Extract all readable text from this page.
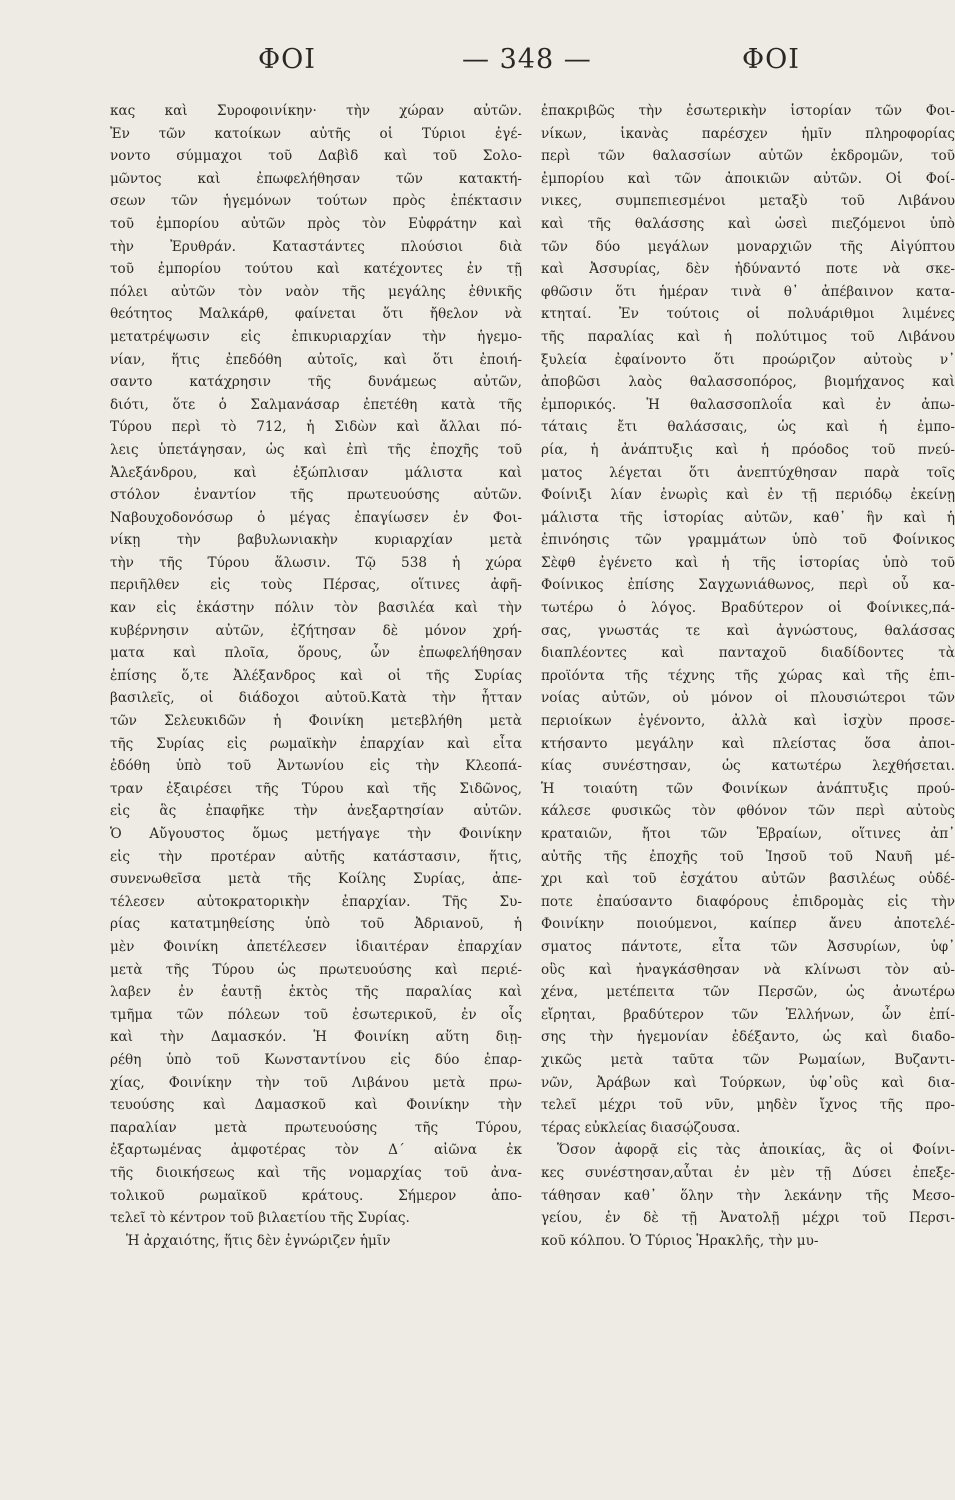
ΦΟΙ	— 348 —	ΦΟΙ
κας καὶ Συροφοινίκην· τὴν χώραν αὐτῶν.
Ἐν τῶν κατοίκων αὐτῆς οἱ Τύριοι ἐγέ-
νοντο σύμμαχοι τοῦ Δαβὶδ καὶ τοῦ Σολο-
μῶντος καὶ ἐπωφελήθησαν τῶν κατακτή-
σεων τῶν ἡγεμόνων τούτων πρὸς ἐπέκτασιν
τοῦ ἐμπορίου αὐτῶν πρὸς τὸν Εὐφράτην καὶ
τὴν Ἐρυθράν. Καταστάντες πλούσιοι διὰ
τοῦ ἐμπορίου τούτου καὶ κατέχοντες ἐν τῇ
πόλει αὐτῶν τὸν ναὸν τῆς μεγάλης ἐθνικῆς
θεότητος Μαλκάρθ, φαίνεται ὅτι ἤθελον νὰ
μετατρέψωσιν εἰς ἐπικυριαρχίαν τὴν ἡγεμο-
νίαν, ἥτις ἐπεδόθη αὐτοῖς, καὶ ὅτι ἐποιή-
σαντο κατάχρησιν τῆς δυνάμεως αὐτῶν,
διότι, ὅτε ὁ Σαλμανάσαρ ἐπετέθη κατὰ τῆς
Τύρου περὶ τὸ 712, ἡ Σιδὼν καὶ ἄλλαι πό-
λεις ὑπετάγησαν, ὡς καὶ ἐπὶ τῆς ἐποχῆς τοῦ
Ἀλεξάνδρου, καὶ ἐξώπλισαν μάλιστα καὶ
στόλον ἐναντίον τῆς πρωτευούσης αὐτῶν.
Ναβουχοδονόσωρ ὁ μέγας ἐπαγίωσεν ἐν Φοι-
νίκῃ τὴν βαβυλωνιακὴν κυριαρχίαν μετὰ
τὴν τῆς Τύρου ἅλωσιν. Τῷ 538 ἡ χώρα
περιῆλθεν εἰς τοὺς Πέρσας, οἵτινες ἀφῆ-
καν εἰς ἑκάστην πόλιν τὸν βασιλέα καὶ τὴν
κυβέρνησιν αὐτῶν, ἐζήτησαν δὲ μόνον χρή-
ματα καὶ πλοῖα, ὅρους, ὧν ἐπωφελήθησαν
ἐπίσης ὅ,τε Ἀλέξανδρος καὶ οἱ τῆς Συρίας
βασιλεῖς, οἱ διάδοχοι αὐτοῦ.Κατὰ τὴν ἧτταν
τῶν Σελευκιδῶν ἡ Φοινίκη μετεβλήθη μετὰ
τῆς Συρίας εἰς ρωμαϊκὴν ἐπαρχίαν καὶ εἶτα
ἐδόθη ὑπὸ τοῦ Ἀντωνίου εἰς τὴν Κλεοπά-
τραν ἐξαιρέσει τῆς Τύρου καὶ τῆς Σιδῶνος,
εἰς ἃς ἐπαφῆκε τὴν ἀνεξαρτησίαν αὐτῶν.
Ὁ Αὔγουστος ὅμως μετήγαγε τὴν Φοινίκην
εἰς τὴν προτέραν αὐτῆς κατάστασιν, ἥτις,
συνενωθεῖσα μετὰ τῆς Κοίλης Συρίας, ἀπε-
τέλεσεν αὐτοκρατορικὴν ἐπαρχίαν. Τῆς Συ-
ρίας κατατμηθείσης ὑπὸ τοῦ Ἀδριανοῦ, ἡ
μὲν Φοινίκη ἀπετέλεσεν ἰδιαιτέραν ἐπαρχίαν
μετὰ τῆς Τύρου ὡς πρωτευούσης καὶ περιέ-
λαβεν ἐν ἑαυτῇ ἐκτὸς τῆς παραλίας καὶ
τμῆμα τῶν πόλεων τοῦ ἐσωτερικοῦ, ἐν οἷς
καὶ τὴν Δαμασκόν. Ἡ Φοινίκη αὕτη διῃ-
ρέθη ὑπὸ τοῦ Κωνσταντίνου εἰς δύο ἐπαρ-
χίας, Φοινίκην τὴν τοῦ Λιβάνου μετὰ πρω-
τευούσης καὶ Δαμασκοῦ καὶ Φοινίκην τὴν
παραλίαν μετὰ πρωτευούσης τῆς Τύρου,
ἐξαρτωμένας ἀμφοτέρας τὸν Δ´ αἰῶνα ἐκ
τῆς διοικήσεως καὶ τῆς νομαρχίας τοῦ ἀνα-
τολικοῦ ρωμαϊκοῦ κράτους. Σήμερον ἀπο-
τελεῖ τὸ κέντρον τοῦ βιλαετίου τῆς Συρίας.
Ἡ ἀρχαιότης, ἥτις δὲν ἐγνώριζεν ἡμῖν
ἐπακριβῶς τὴν ἐσωτερικὴν ἱστορίαν τῶν Φοι-
νίκων, ἱκανὰς παρέσχεν ἡμῖν πληροφορίας
περὶ τῶν θαλασσίων αὐτῶν ἐκδρομῶν, τοῦ
ἐμπορίου καὶ τῶν ἀποικιῶν αὐτῶν. Οἱ Φοί-
νικες, συμπεπιεσμένοι μεταξὺ τοῦ Λιβάνου
καὶ τῆς θαλάσσης καὶ ὡσεὶ πιεζόμενοι ὑπὸ
τῶν δύο μεγάλων μοναρχιῶν τῆς Αἰγύπτου
καὶ Ἀσσυρίας, δὲν ἠδύναντό ποτε νὰ σκε-
φθῶσιν ὅτι ἡμέραν τινὰ θ᾽ ἀπέβαινον κατα-
κτηταί. Ἐν τούτοις οἱ πολυάριθμοι λιμένες
τῆς παραλίας καὶ ἡ πολύτιμος τοῦ Λιβάνου
ξυλεία ἐφαίνοντο ὅτι προώριζον αὐτοὺς ν᾽
ἀποβῶσι λαὸς θαλασσοπόρος, βιομήχανος καὶ
ἐμπορικός. Ἡ θαλασσοπλοΐα καὶ ἐν ἀπω-
τάταις ἔτι θαλάσσαις, ὡς καὶ ἡ ἐμπο-
ρία, ἡ ἀνάπτυξις καὶ ἡ πρόοδος τοῦ πνεύ-
ματος λέγεται ὅτι ἀνεπτύχθησαν παρὰ τοῖς
Φοίνιξι λίαν ἐνωρὶς καὶ ἐν τῇ περιόδῳ ἐκείνῃ
μάλιστα τῆς ἱστορίας αὐτῶν, καθ᾽ ἣν καὶ ἡ
ἐπινόησις τῶν γραμμάτων ὑπὸ τοῦ Φοίνικος
Σὲφθ ἐγένετο καὶ ἡ τῆς ἱστορίας ὑπὸ τοῦ
Φοίνικος ἐπίσης Σαγχωνιάθωνος, περὶ οὗ κα-
τωτέρω ὁ λόγος. Βραδύτερον οἱ Φοίνικες,πά-
σας, γνωστάς τε καὶ ἀγνώστους, θαλάσσας
διαπλέοντες καὶ πανταχοῦ διαδίδοντες τὰ
προϊόντα τῆς τέχνης τῆς χώρας καὶ τῆς ἐπι-
νοίας αὐτῶν, οὐ μόνον οἱ πλουσιώτεροι τῶν
περιοίκων ἐγένοντο, ἀλλὰ καὶ ἰσχὺν προσε-
κτήσαντο μεγάλην καὶ πλείστας ὅσα ἀποι-
κίας συνέστησαν, ὡς κατωτέρω λεχθήσεται.
Ἡ τοιαύτη τῶν Φοινίκων ἀνάπτυξις πρού-
κάλεσε φυσικῶς τὸν φθόνον τῶν περὶ αὐτοὺς
κραταιῶν, ἤτοι τῶν Ἑβραίων, οἵτινες ἀπ᾽
αὐτῆς τῆς ἐποχῆς τοῦ Ἰησοῦ τοῦ Ναυῆ μέ-
χρι καὶ τοῦ ἐσχάτου αὐτῶν βασιλέως οὐδέ-
ποτε ἐπαύσαντο διαφόρους ἐπιδρομὰς εἰς τὴν
Φοινίκην ποιούμενοι, καίπερ ἄνευ ἀποτελέ-
σματος πάντοτε, εἶτα τῶν Ἀσσυρίων, ὑφ᾽
οὓς καὶ ἠναγκάσθησαν νὰ κλίνωσι τὸν αὐ-
χένα, μετέπειτα τῶν Περσῶν, ὡς ἀνωτέρω
εἴρηται, βραδύτερον τῶν Ἑλλήνων, ὧν ἐπί-
σης τὴν ἡγεμονίαν ἐδέξαντο, ὡς καὶ διαδο-
χικῶς μετὰ ταῦτα τῶν Ρωμαίων, Βυζαντι-
νῶν, Ἀράβων καὶ Τούρκων, ὑφ᾽οὓς καὶ δια-
τελεῖ μέχρι τοῦ νῦν, μηδὲν ἴχνος τῆς προ-
τέρας εὐκλείας διασῴζουσα.
Ὅσον ἀφορᾷ εἰς τὰς ἀποικίας, ἃς οἱ Φοίνι-
κες συνέστησαν,αὗται ἐν μὲν τῇ Δύσει ἐπεξε-
τάθησαν καθ᾽ ὅλην τὴν λεκάνην τῆς Μεσο-
γείου, ἐν δὲ τῇ Ἀνατολῇ μέχρι τοῦ Περσι-
κοῦ κόλπου. Ὁ Τύριος Ἡρακλῆς, τὴν μυ-
